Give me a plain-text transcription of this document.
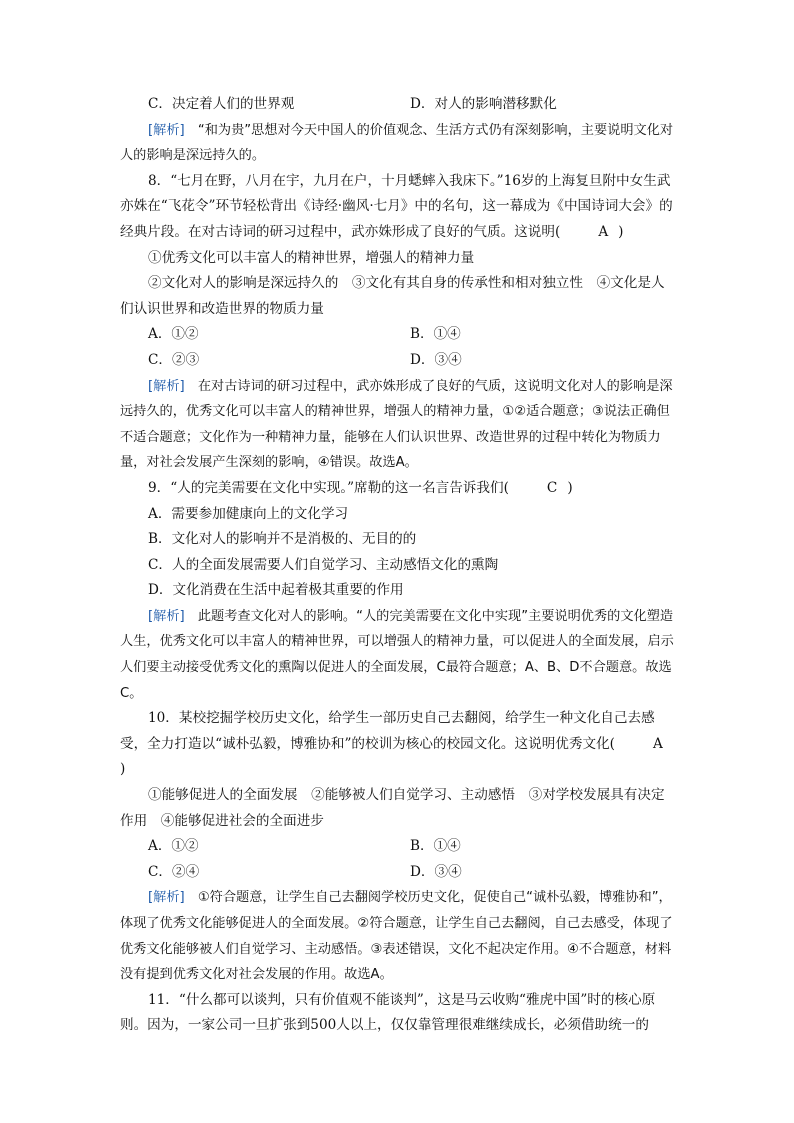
C．决定着人们的世界观	D．对人的影响潜移默化

[解析]　 “和为贵”思想对今天中国人的价值观念、生活方式仍有深刻影响，主要说明文化对人的影响是深远持久的。

8．“七月在野，八月在宇，九月在户，十月蟋蟀入我床下。”16岁的上海复旦附中女生武亦姝在“飞花令”环节轻松背出《诗经·幽风·七月》中的名句，这一幕成为《中国诗词大会》的经典片段。在对古诗词的研习过程中，武亦姝形成了良好的气质。这说明(	A )

①优秀文化可以丰富人的精神世界，增强人的精神力量

②文化对人的影响是深远持久的　③文化有其自身的传承性和相对独立性　④文化是人们认识世界和改造世界的物质力量

A．①②	B．①④
C．②③	D．③④

[解析]　 在对古诗词的研习过程中，武亦姝形成了良好的气质，这说明文化对人的影响是深远持久的，优秀文化可以丰富人的精神世界，增强人的精神力量，①②适合题意；③说法正确但不适合题意；文化作为一种精神力量，能够在人们认识世界、改造世界的过程中转化为物质力量，对社会发展产生深刻的影响，④错误。故选A。

9．“人的完美需要在文化中实现。”席勒的这一名言告诉我们(	C )

A．需要参加健康向上的文化学习

B．文化对人的影响并不是消极的、无目的的

C．人的全面发展需要人们自觉学习、主动感悟文化的熏陶

D．文化消费在生活中起着极其重要的作用

[解析]　 此题考查文化对人的影响。“人的完美需要在文化中实现”主要说明优秀的文化塑造人生，优秀文化可以丰富人的精神世界，可以增强人的精神力量，可以促进人的全面发展，启示人们要主动接受优秀文化的熏陶以促进人的全面发展，C最符合题意；A、B、D不合题意。故选C。

10．某校挖掘学校历史文化，给学生一部历史自己去翻阅，给学生一种文化自己去感受，全力打造以“诚朴弘毅，博雅协和”的校训为核心的校园文化。这说明优秀文化(	A)

①能够促进人的全面发展　②能够被人们自觉学习、主动感悟　③对学校发展具有决定作用　④能够促进社会的全面进步

A．①②	B．①④
C．②④	D．③④

[解析]　 ①符合题意，让学生自己去翻阅学校历史文化，促使自己“诚朴弘毅，博雅协和”，体现了优秀文化能够促进人的全面发展。②符合题意，让学生自己去翻阅，自己去感受，体现了优秀文化能够被人们自觉学习、主动感悟。③表述错误，文化不起决定作用。④不合题意，材料没有提到优秀文化对社会发展的作用。故选A。

11．“什么都可以谈判，只有价值观不能谈判”，这是马云收购“雅虎中国”时的核心原则。因为，一家公司一旦扩张到500人以上，仅仅靠管理很难继续成长，必须借助统一的
